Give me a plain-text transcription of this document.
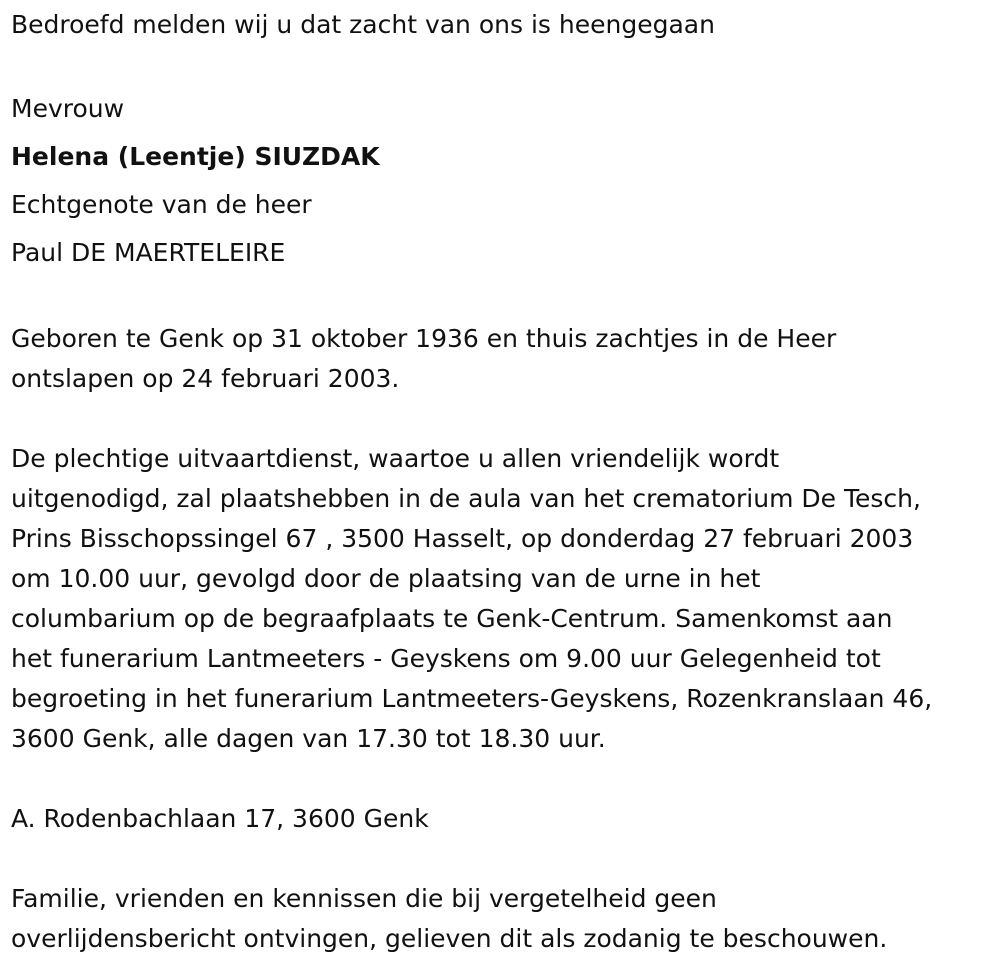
Bedroefd melden wij u dat zacht van ons is heengegaan
Mevrouw
Helena (Leentje) SIUZDAK
Echtgenote van de heer
Paul DE MAERTELEIRE
Geboren te Genk op 31 oktober 1936 en thuis zachtjes in de Heer
ontslapen op 24 februari 2003.
De plechtige uitvaartdienst, waartoe u allen vriendelijk wordt
uitgenodigd, zal plaatshebben in de aula van het crematorium De Tesch,
Prins Bisschopssingel 67 , 3500 Hasselt, op donderdag 27 februari 2003
om 10.00 uur, gevolgd door de plaatsing van de urne in het
columbarium op de begraafplaats te Genk-Centrum. Samenkomst aan
het funerarium Lantmeeters - Geyskens om 9.00 uur Gelegenheid tot
begroeting in het funerarium Lantmeeters-Geyskens, Rozenkranslaan 46,
3600 Genk, alle dagen van 17.30 tot 18.30 uur.
A. Rodenbachlaan 17, 3600 Genk
Familie, vrienden en kennissen die bij vergetelheid geen
overlijdensbericht ontvingen, gelieven dit als zodanig te beschouwen.
